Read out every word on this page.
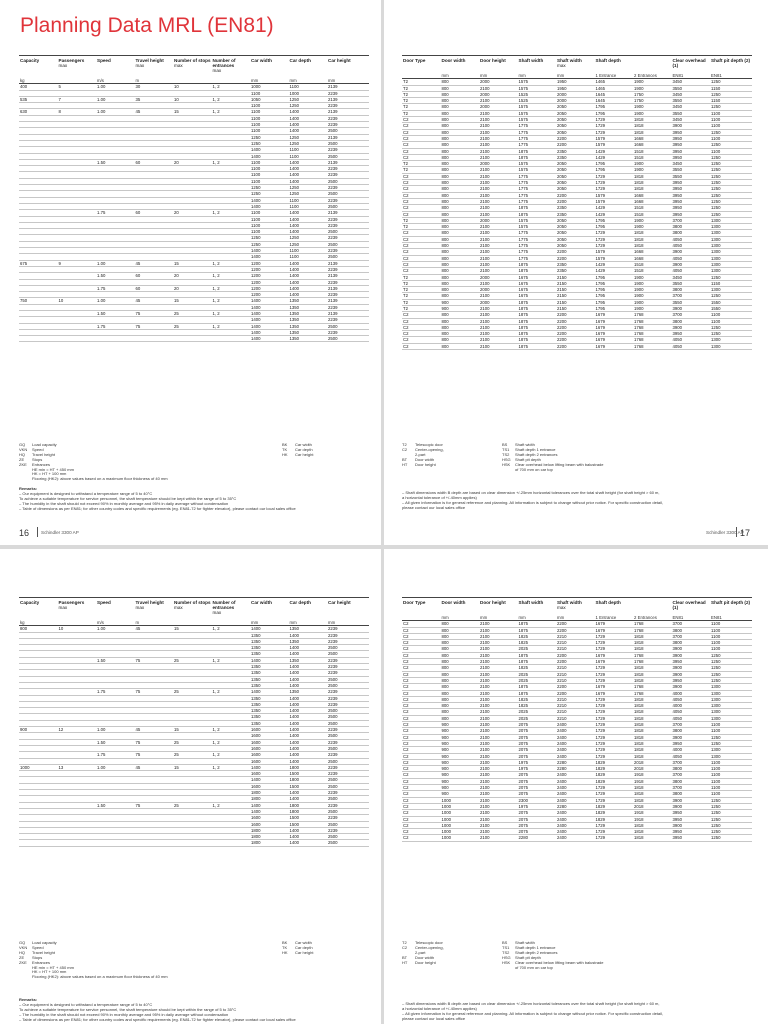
Planning Data MRL (EN81)
Capacity	Passengers
max	Speed	Travel height
max	Number of stops
max	Number of entrances
max	Car width	Car depth	Car height
kg		m/s	m			mm	mm	mm
400	5	1.00	30	10	1, 2	1000	1100	2139
						1100	1000	2239
535	7	1.00	35	10	1, 2	1050	1250	2139
						1100	1250	2239
630	8	1.00	45	15	1, 2	1100	1400	2139
						1100	1400	2239
						1100	1400	2239
						1100	1400	2500
						1250	1250	2139
						1250	1250	2500
						1400	1100	2239
						1400	1100	2500
		1.50	60	20	1, 2	1100	1400	2139
						1100	1400	2239
						1100	1400	2239
						1100	1400	2500
						1250	1250	2239
						1250	1250	2500
						1400	1100	2239
						1400	1100	2500
		1.75	60	20	1, 2	1100	1400	2139
						1100	1400	2239
						1100	1400	2239
						1100	1400	2500
						1250	1250	2239
						1250	1250	2500
						1400	1100	2239
						1400	1100	2500
675	9	1.00	45	15	1, 2	1200	1400	2139
						1200	1400	2239
		1.50	60	20	1, 2	1200	1400	2139
						1200	1400	2239
		1.75	60	20	1, 2	1200	1400	2139
						1200	1400	2239
750	10	1.00	45	15	1, 2	1400	1350	2139
						1400	1350	2239
		1.50	75	25	1, 2	1400	1350	2139
						1400	1350	2239
		1.75	75	25	1, 2	1400	1350	2500
						1400	1350	2239
						1400	1350	2500
GQ Load capacity
VKN Speed
HQ Travel height
ZE Stops
ZKE Entrances
HE min = HT + 450 mm
HK = HT + 100 mm
Flooring (HK2): above values based on a maximum floor thickness of 40 mm
BK Car width
TK Car depth
HK Car height
Remarks:
– Our equipment is designed to withstand a temperature range of 5 to 40°C
To achieve a suitable temperature for service personnel, the shaft temperature should be kept within the range of 5 to 35°C
– The humidity in the shaft should not exceed 90% in monthly average and 95% in daily average without condensation
– Table of dimensions as per EN81; for other country codes and specific requirements (eg. EN81-72 for fighter elevator), please contact our local sales office
16	Schindler 3300 AP
Door Type	Door width	Door height	Shaft width	Shaft width
max	Shaft depth		Clear overhead (1)	Shaft pit depth (2)
	mm	mm	mm	mm	1 Entrance	2 Entrances	EN81	EN81
T2	800	2000	1575	1950	1465	1900	3450	1250
T2	800	2100	1575	1950	1465	1900	3550	1150
T2	800	2000	1525	2000	1645	1750	3450	1250
T2	800	2100	1525	2000	1645	1750	3550	1150
T2	800	2000	1575	2050	1795	1900	3450	1250
T2	800	2100	1575	2050	1795	1900	3550	1100
C2	800	2100	1575	2050	1729	1818	3450	1100
C2	800	2100	1775	2050	1729	1818	3900	1100
C2	800	2100	1775	2050	1729	1818	3950	1250
C2	800	2100	1775	2200	1579	1668	3950	1100
C2	800	2100	1775	2200	1579	1668	3950	1250
C2	800	2100	1875	2350	1429	1518	3950	1100
C2	800	2100	1875	2350	1429	1518	3950	1250
T2	800	2000	1575	2050	1795	1900	3450	1250
T2	800	2100	1575	2050	1795	1900	3550	1250
C2	800	2100	1775	2050	1729	1818	3550	1250
C2	800	2100	1775	2050	1729	1818	3950	1250
C2	800	2100	1775	2050	1729	1818	3950	1250
C2	800	2100	1775	2200	1579	1668	3950	1250
C2	800	2100	1775	2200	1579	1668	3950	1250
C2	800	2100	1875	2350	1429	1518	3950	1250
C2	800	2100	1875	2350	1429	1518	3950	1250
T2	800	2000	1575	2050	1795	1900	3700	1300
T2	800	2100	1575	2050	1795	1900	3800	1300
C2	800	2100	1775	2050	1729	1818	3800	1300
C2	800	2100	1775	2050	1729	1818	4050	1300
C2	800	2100	1775	2050	1729	1818	4050	1300
C2	800	2100	1775	2200	1579	1668	3900	1300
C2	800	2100	1775	2200	1579	1668	4050	1300
C2	800	2100	1875	2350	1429	1518	3900	1300
C2	800	2100	1875	2350	1429	1518	4050	1300
T2	800	2000	1675	2150	1795	1900	3450	1250
T2	800	2100	1675	2150	1795	1900	3550	1150
T2	800	2000	1675	2150	1795	1900	3800	1300
T2	800	2100	1675	2150	1795	1900	3700	1250
T2	900	2000	1875	2150	1795	1900	3550	1550
T2	900	2100	1875	2150	1795	1900	3900	1550
C2	800	2100	1875	2200	1679	1768	3700	1100
C2	800	2100	1875	2200	1679	1768	3800	1100
C2	800	2100	1875	2200	1679	1768	3900	1250
C2	800	2100	1875	2200	1679	1768	3950	1250
C2	800	2100	1875	2200	1679	1768	4050	1300
C2	800	2100	1875	2200	1679	1768	4050	1300
T2 Telescopic door
C2 Center-opening,
2-part
BT Door width
HT Door height
BS Shaft width
TS1 Shaft depth 1 entrance
TS2 Shaft depth 2 entrances
HSG Shaft pit depth
HSK Clear overhead below lifting beam with balustrade
of 700 mm on car top
– Shaft dimensions width B depth are based on clear dimension +/-25mm horizontal tolerances over the total shaft height (for shaft height > 60 m,
a horizontal tolerance of +/-40mm applies)
– All given information is for general reference and planning. All information is subject to change without prior notice. For specific construction detail,
please contact our local sales office
Schindler 3300 AP
17
Capacity	Passengers
max	Speed	Travel height
max	Number of stops
max	Number of entrances
max	Car width	Car depth	Car height
kg		m/s	m			mm	mm	mm
800	10	1.00	45	15	1, 2	1400	1350	2239
						1350	1400	2239
						1350	1350	2239
						1350	1400	2500
						1350	1400	2500
		1.50	75	25	1, 2	1400	1350	2239
						1350	1400	2239
						1350	1400	2239
						1350	1400	2500
						1350	1400	2500
		1.75	75	25	1, 2	1400	1350	2239
						1350	1400	2239
						1350	1400	2239
						1350	1400	2500
						1350	1400	2500
						1350	1400	2500
900	12	1.00	45	15	1, 2	1600	1400	2239
						1600	1400	2500
		1.50	75	25	1, 2	1600	1400	2239
						1600	1400	2500
		1.75	75	25	1, 2	1600	1400	2239
						1600	1400	2500
1000	13	1.00	45	15	1, 2	1400	1800	2239
						1600	1500	2239
						1400	1800	2500
						1600	1500	2500
						1800	1400	2239
						1800	1400	2500
		1.50	75	25	1, 2	1400	1800	2239
						1400	1800	2500
						1600	1500	2239
						1600	1500	2500
						1800	1400	2239
						1800	1400	2500
						1800	1400	2500
GQ Load capacity
VKN Speed
HQ Travel height
ZE Stops
ZKE Entrances
HE min = HT + 450 mm
HK = HT + 100 mm
Flooring (HK2): above values based on a maximum floor thickness of 40 mm
BK Car width
TK Car depth
HK Car height
Remarks:
– Our equipment is designed to withstand a temperature range of 5 to 40°C
To achieve a suitable temperature for service personnel, the shaft temperature should be kept within the range of 5 to 35°C
– The humidity in the shaft should not exceed 90% in monthly average and 95% in daily average without condensation
– Table of dimensions as per EN81; for other country codes and specific requirements (eg. EN81-72 for fighter elevator), please contact our local sales office
Door Type	Door width	Door height	Shaft width	Shaft width
max	Shaft depth		Clear overhead (1)	Shaft pit depth (2)
	mm	mm	mm	mm	1 Entrance	2 Entrances	EN81	EN81
C2	800	2100	1875	2200	1679	1768	3700	1100
C2	800	2100	1875	2200	1679	1768	3800	1100
C2	800	2100	1825	2210	1729	1818	3700	1100
C2	800	2100	1825	2210	1729	1818	3800	1100
C2	800	2100	2025	2210	1729	1818	3900	1100
C2	800	2100	1875	2200	1679	1768	3900	1250
C2	800	2100	1875	2200	1679	1768	3950	1250
C2	800	2100	1825	2210	1729	1818	3900	1250
C2	800	2100	2025	2210	1729	1818	3900	1250
C2	800	2100	2025	2210	1729	1818	3950	1250
C2	800	2100	1875	2200	1679	1768	3900	1300
C2	800	2100	1875	2200	1679	1768	4000	1300
C2	800	2100	1825	2210	1729	1818	4050	1300
C2	800	2100	1825	2210	1729	1818	4000	1300
C2	800	2100	2025	2210	1729	1818	4050	1300
C2	800	2100	2025	2210	1729	1818	4050	1300
C2	900	2100	2075	2400	1729	1818	3700	1100
C2	900	2100	2075	2400	1729	1818	3800	1100
C2	900	2100	2075	2400	1729	1818	3900	1250
C2	900	2100	2075	2400	1729	1818	3950	1250
C2	900	2100	2075	2400	1729	1818	4000	1300
C2	900	2100	2075	2400	1729	1818	4050	1300
C2	900	2100	1975	2280	1829	2018	3700	1100
C2	900	2100	1975	2280	1829	2018	3800	1100
C2	900	2100	2075	2400	1829	1918	3700	1100
C2	900	2100	2075	2400	1829	1918	3800	1100
C2	900	2100	2075	2400	1729	1818	3700	1100
C2	900	2100	2075	2400	1729	1818	3800	1100
C2	1000	2100	2300	2400	1729	1818	3900	1250
C2	1000	2100	1975	2280	1829	2018	3900	1250
C2	1000	2100	2075	2400	1829	1918	3950	1250
C2	1000	2100	2075	2400	1829	1918	3950	1250
C2	1000	2100	2075	2400	1729	1818	3900	1250
C2	1000	2100	2075	2400	1729	1818	3950	1250
C2	1000	2100	2280	2400	1729	1818	3950	1250
T2 Telescopic door
C2 Center-opening,
2-part
BT Door width
HT Door height
BS Shaft width
TS1 Shaft depth 1 entrance
TS2 Shaft depth 2 entrances
HSG Shaft pit depth
HSK Clear overhead below lifting beam with balustrade
of 700 mm on car top
– Shaft dimensions width B depth are based on clear dimension +/-25mm horizontal tolerances over the total shaft height (for shaft height > 60 m,
a horizontal tolerance of +/-40mm applies)
– All given information is for general reference and planning. All information is subject to change without prior notice. For specific construction detail,
please contact our local sales office
